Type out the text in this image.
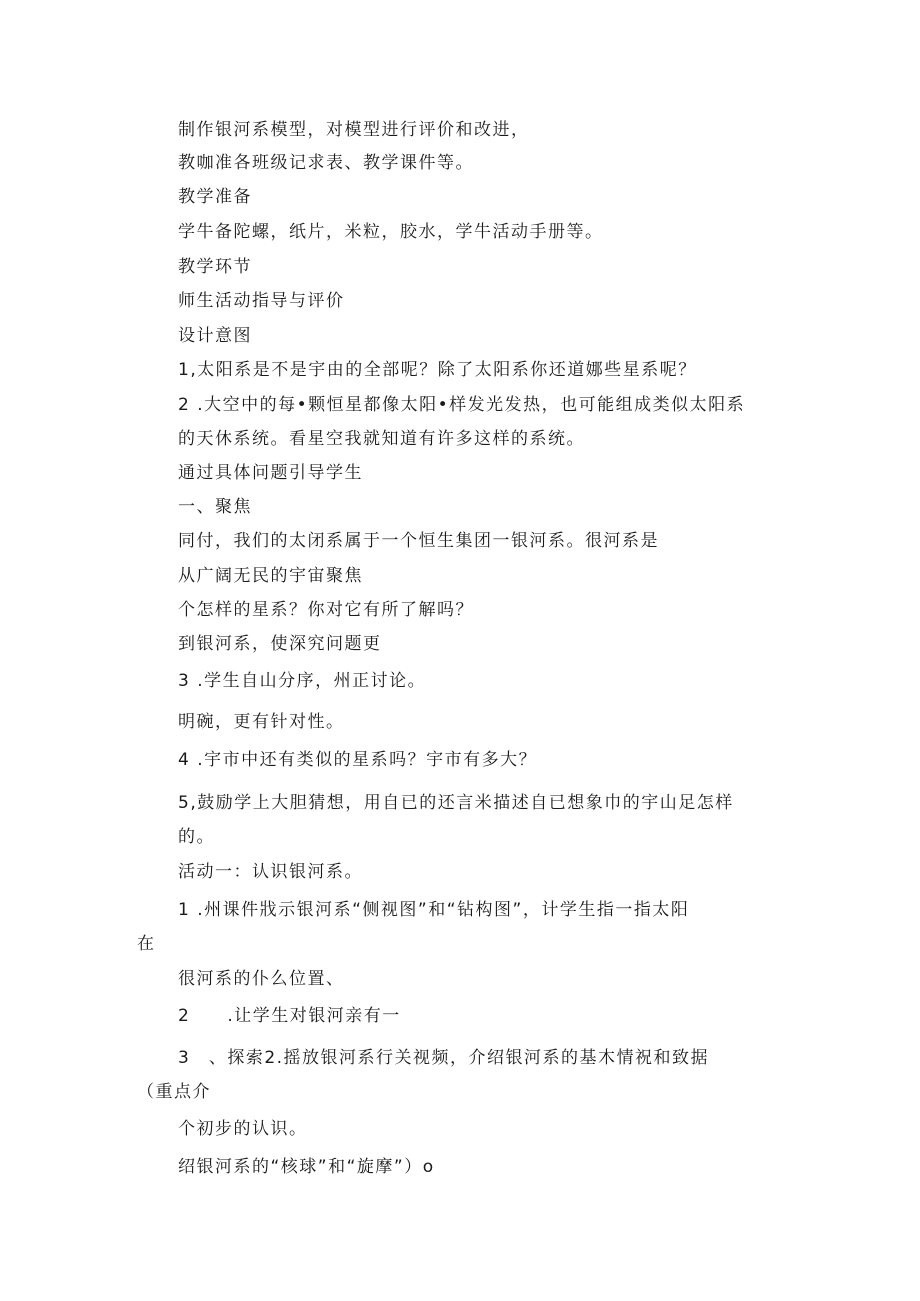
制作银河系模型，对模型进行评价和改进，
教咖准各班级记求表、教学课件等。
教学准备
学牛备陀螺，纸片，米粒，胶水，学牛活动手册等。
教学环节
师生活动指导与评价
设计意图
1,太阳系是不是宇由的全部呢？除了太阳系你还道娜些星系呢？
2 .大空中的每•颗恒星都像太阳•样发光发热，也可能组成类似太阳系
的天休系统。看星空我就知道有许多这样的系统。
通过具体问题引导学生
一、聚焦
同付，我们的太闭系属于一个恒生集团一银河系。很河系是
从广阔无民的宇宙聚焦
个怎样的星系？你对它有所了解吗？
到银河系，使深究问题更
3 .学生自山分序，州正讨论。
明碗，更有针对性。
4 .宇市中还有类似的星系吗？宇市有多大？
5,鼓励学上大胆猜想，用自已的还言米描述自已想象巾的宇山足怎样
的。
活动一：认识银河系。
1 .州课件戕示银河系“侧视图”和“钻构图”，计学生指一指太阳
在
很河系的仆么位置、
2　　.让学生对银河亲有一
3　、探索2.摇放银河系行关视频，介绍银河系的基木情祝和致据
（重点介
个初步的认识。
绍银河系的“核球”和“旋摩”）o
